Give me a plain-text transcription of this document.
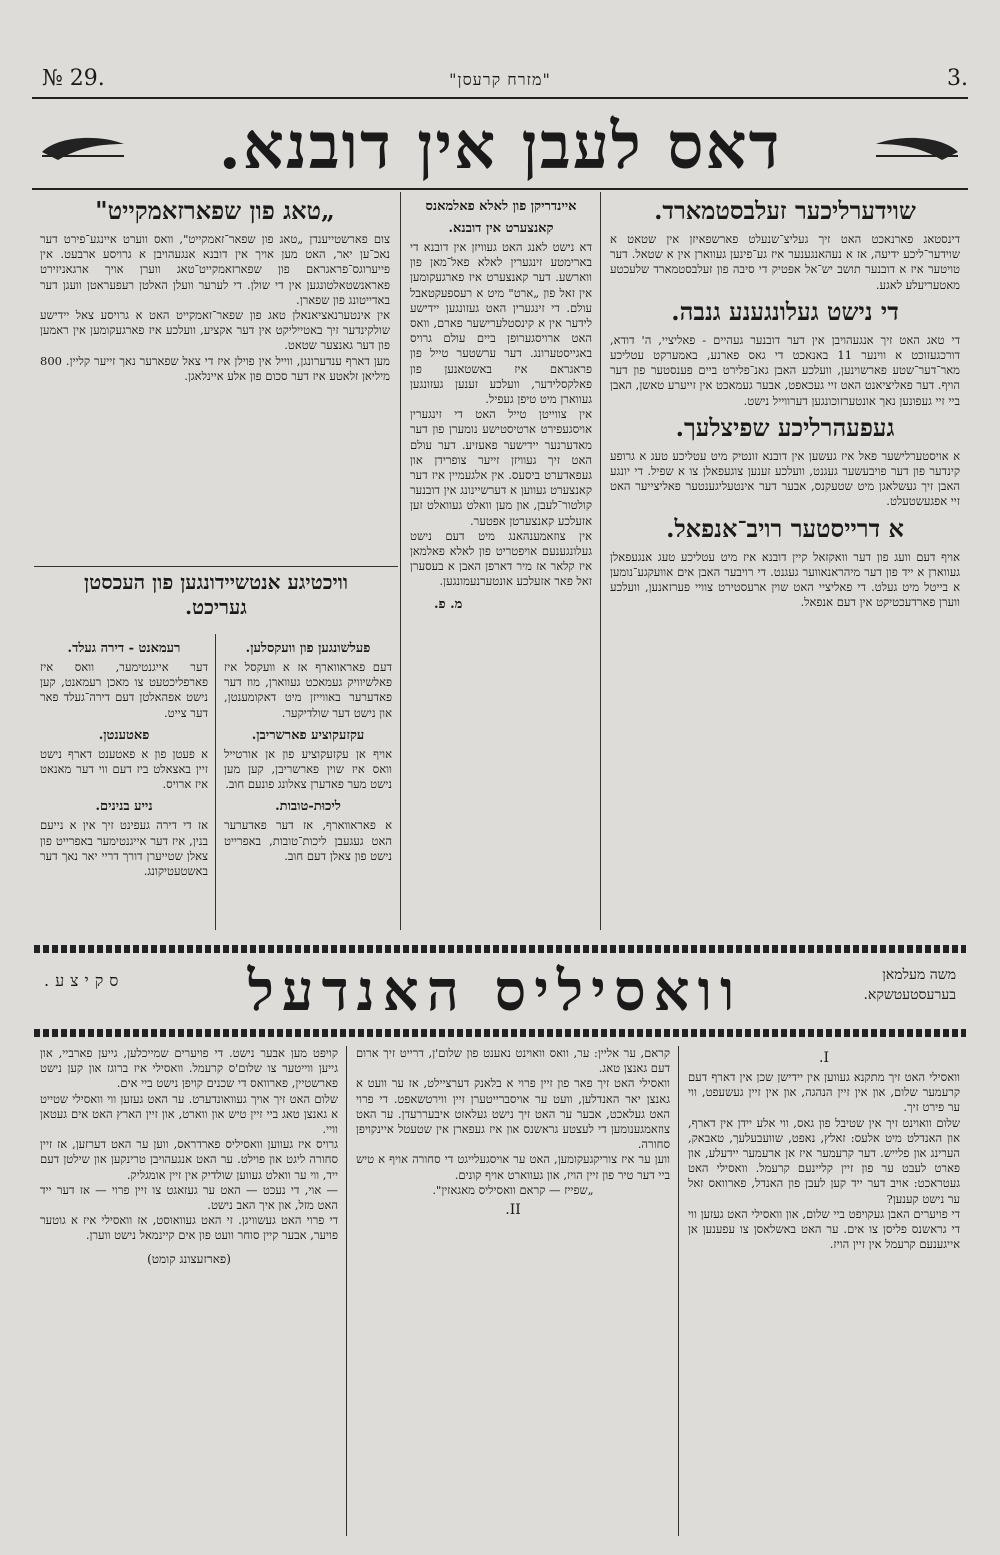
№ 29.	"מזרח קרעסן"	3.
דאס לעבן אין דובנא.
שוידערליכער זעלבסטמארד.

דינסטאג פארנאכט האט זיך געליצ־שנעלט פארשפאיזן אין שטאט א שוידער־ליכע ידיעה, אז א נעהאנגענער איז גע־פינען געווארן אין א שטאל. דער טויטער איז א דובנער תושב יש־אל אפטיק די סיבה פון זעלבסטמארד שלעכטע מאטעריעלע לאגע.

די נישט געלונגענע גנבה.

די טאג האט זיך אנגעהויבן אין דער דובנער געהיים - פאליציי, ה' דודא, דורכגעזוכט א ווינער 11 באנאכט די גאס פארנע, באמערקט עטליכע מאר־דער־שטע פארשוינען, וועלכע האבן גאנ־פלירט ביים פענסטער פון דער הויף. דער פאליציאנט האט זיי געכאפט, אבער געמאכט אין זייערע טאשן, האבן ביי זיי געפונען נאך אונטערזוכונגען דערווייל נישט.

געפעהרליכע שפיצלעך.

א אויסטערלישער פאל איז געשען אין דובנא זונטיק מיט עטליכע טעג א גרופע קינדער פון דער פויבעשער געגנט, וועלכע זענען צוגעפאלן צו א שפיל. די יונגע האבן זיך געשלאגן מיט שטעקנס, אבער דער אינטעליגענטער פאליצייער האט זיי אפגעשטעלט.

א דרייסטער רויב־אנפאל.

אויף דעם וועג פון דער וואקזאל קיין דובנא איז מיט עטליכע טעג אנגעפאלן געווארן א ייד פון דער מיהראנאווער געגנט. די רויבער האבן אים אוועקגע־נומען א בייטל מיט געלט. די פאליציי האט שוין ארעסטירט צוויי פערזאנען, וועלכע ווערן פארדעכטיקט אין דעם אנפאל.

איינדריקן פון לאלא פאלמאנס
קאנצערט אין דובנא.

דא נישט לאנג האט געוויזן אין דובנא די בארימטע זינגערין לאלא פאל־מאן פון ווארשע. דער קאנצערט איז פארגעקומען אין זאל פון „ארט" מיט א רעספעקטאבל עולם. די זינגערין האט געזונגען יידישע לידער אין א קינסטלערישער פארם, וואס האט ארויסגערופן ביים עולם גרויס באגייסטערונג. דער ערשטער טייל פון פראגראם איז באשטאנען פון פאלקסלידער, וועלכע זענען געזונגען געווארן מיט טיפן געפיל.

אין צווייטן טייל האט די זינגערין אויסגעפירט ארטיסטישע נומערן פון דער מאדערנער יידישער פאעזיע. דער עולם האט זיך געוויזן זייער צופרידן און געפאדערט ביסעס. אין אלגעמיין איז דער קאנצערט געווען א דערשיינונג אין דובנער קולטור־לעבן, און מען וואלט געוואלט זען אזעלכע קאנצערטן אפטער.

אין צוזאמענהאנג מיט דעם נישט געלונגענעם אויפטריט פון לאלא פאלמאן איז קלאר אז מיר דארפן האבן א בעסערן זאל פאר אזעלכע אונטערנעמונגען.

מ. פ.
„טאג פון שפארזאמקייט"

צום פארשטייענדן „טאג פון שפאר־זאמקייט", וואס ווערט איינגע־פירט דער נאכ־ען יאר, האט מען אויך אין דובנא אנגעהויבן א גרויסע ארבעט. אין פייערוגס־פראגראם פון שפארזאמקייט־טאג ווערן אויך ארגאניזירט פאראנשטאלטונגען אין די שולן. די לערער וועלן האלטן רעפעראטן וועגן דער באדייטונג פון שפארן.

אין אינטערנאציאנאלן טאג פון שפאר־זאמקייט האט א גרויסע צאל יידישע שולקינדער זיך באטייליקט אין דער אקציע, וועלכע איז פארגעקומען אין ראמען פון דער גאנצער שטאט.

מען דארף ענדערונגן, ווייל אין פוילן איז די צאל שפארער נאך זייער קליין. 800 מיליאן זלאטע איז דער סכום פון אלע איינלאגן.

וויכטיגע אנטשיידונגען פון העכסטן
געריכט.
פעלשונגען פון וועקסלען.

דעם פאראווארף אז א וועקסל איז פאלשיוויק געמאכט געווארן, מוז דער פאדערער באווייזן מיט דאקומענטן, און נישט דער שולדיקער.

עקזעקוציע פארשריבן.

אויף אן עקזעקוציע פון אן אורטייל וואס איז שוין פארשריבן, קען מען נישט מער פאדערן צאלונג פונעם חוב.

ליכוּת-טובות.

א פאראווארף, אז דער פאדערער האט געגעבן ליכות־טובות, באפרייט נישט פון צאלן דעם חוב.

רעמאנט - דירה געלד.

דער אייגנטימער, וואס איז פארפליכטעט צו מאכן רעמאנט, קען נישט אפהאלטן דעם דירה־געלד פאר דער צייט.

פאטענטן.

א פעטן פון א פאטענט דארף נישט זיין באצאלט ביז דעם ווי דער מאנאט איז ארויס.

נייע בנינים.

אז די דירה געפינט זיך אין א נייעם בנין, איז דער אייגנטימער באפרייט פון צאלן שטייערן דורך דריי יאר נאך דער באשטעטיקונג.

משה מעלמאן
בערעסטעטשקא.
וואסיליס האנדעל
סקיצע.
I.

וואסילי האט זיך מתקנא געווען אין יידישן שכן אין דארף דעם קרעמער שלום, און אין זיין הנהגה, און אין זיין געשעפט, ווי ער פירט זיך.

שלום וואוינט זיך אין שטיבל פון גאס, ווי אלע יידן אין דארף, און האנדלט מיט אלעס: זאלץ, נאפט, שוועבעלעך, טאבאק, הערינג און פלייש. דער קרעמער איז אן ארעמער יידעלע, און פארט לעבט ער פון זיין קליינעם קרעמל. וואסילי האט געטראכט: אויב דער ייד קען לעבן פון האנדל, פארוואס זאל ער נישט קענען?

די פויערים האבן געקויפט ביי שלום, און וואסילי האט געזען ווי די גראשנס פליסן צו אים. ער האט באשלאסן צו עפענען אן אייגענעם קרעמל אין זיין הויז.

קראם, ער אליין: ער, וואס וואוינט נאענט פון שלום'ן, דרייט זיך ארום דעם גאנצן טאג.

וואסילי האט זיך פאר פון זיין פרוי א בלאנק דערציילט, אז ער וועט א גאנצן יאר האנדלען, וועט ער אויסברייטערן זיין ווירטשאפט. די פרוי האט געלאכט, אבער ער האט זיך נישט געלאזט איבעררעדן. ער האט צוזאמגענומען די לעצטע גראשנס און איז געפארן אין שטעטל איינקויפן סחורה.

ווען ער איז צוריקגעקומען, האט ער אויסגעלייגט די סחורה אויף א טיש ביי דער טיר פון זיין הויז, און געווארט אויף קונים.

„שפייז — קראם וואסיליס מאגאזין".

II.

קויפט מען אבער נישט. די פויערים שמייכלען, גייען פארביי, און גייען ווייטער צו שלום'ס קרעמל. וואסילי איז ברוגז און קען נישט פארשטיין, פארוואס די שכנים קויפן נישט ביי אים.

שלום האט זיך אויך געוואונדערט. ער האט געזען ווי וואסילי שטייט א גאנצן טאג ביי זיין טיש און ווארט, און זיין הארץ האט אים געטאן וויי.

גרויס איז געווען וואסיליס פארדראס, ווען ער האט דערזען, אז זיין סחורה ליגט און פוילט. ער האט אנגעהויבן טרינקען און שילטן דעם ייד, ווי ער וואלט געווען שולדיק אין זיין אומגליק.

— אוי, די נעכט — האט ער געזאגט צו זיין פרוי — אז דער ייד האט מזל, און איך האב נישט.

די פרוי האט געשוויגן. זי האט געוואוסט, אז וואסילי איז א גוטער פויער, אבער קיין סוחר וועט פון אים קיינמאל נישט ווערן.

(פארזעצונג קומט)
